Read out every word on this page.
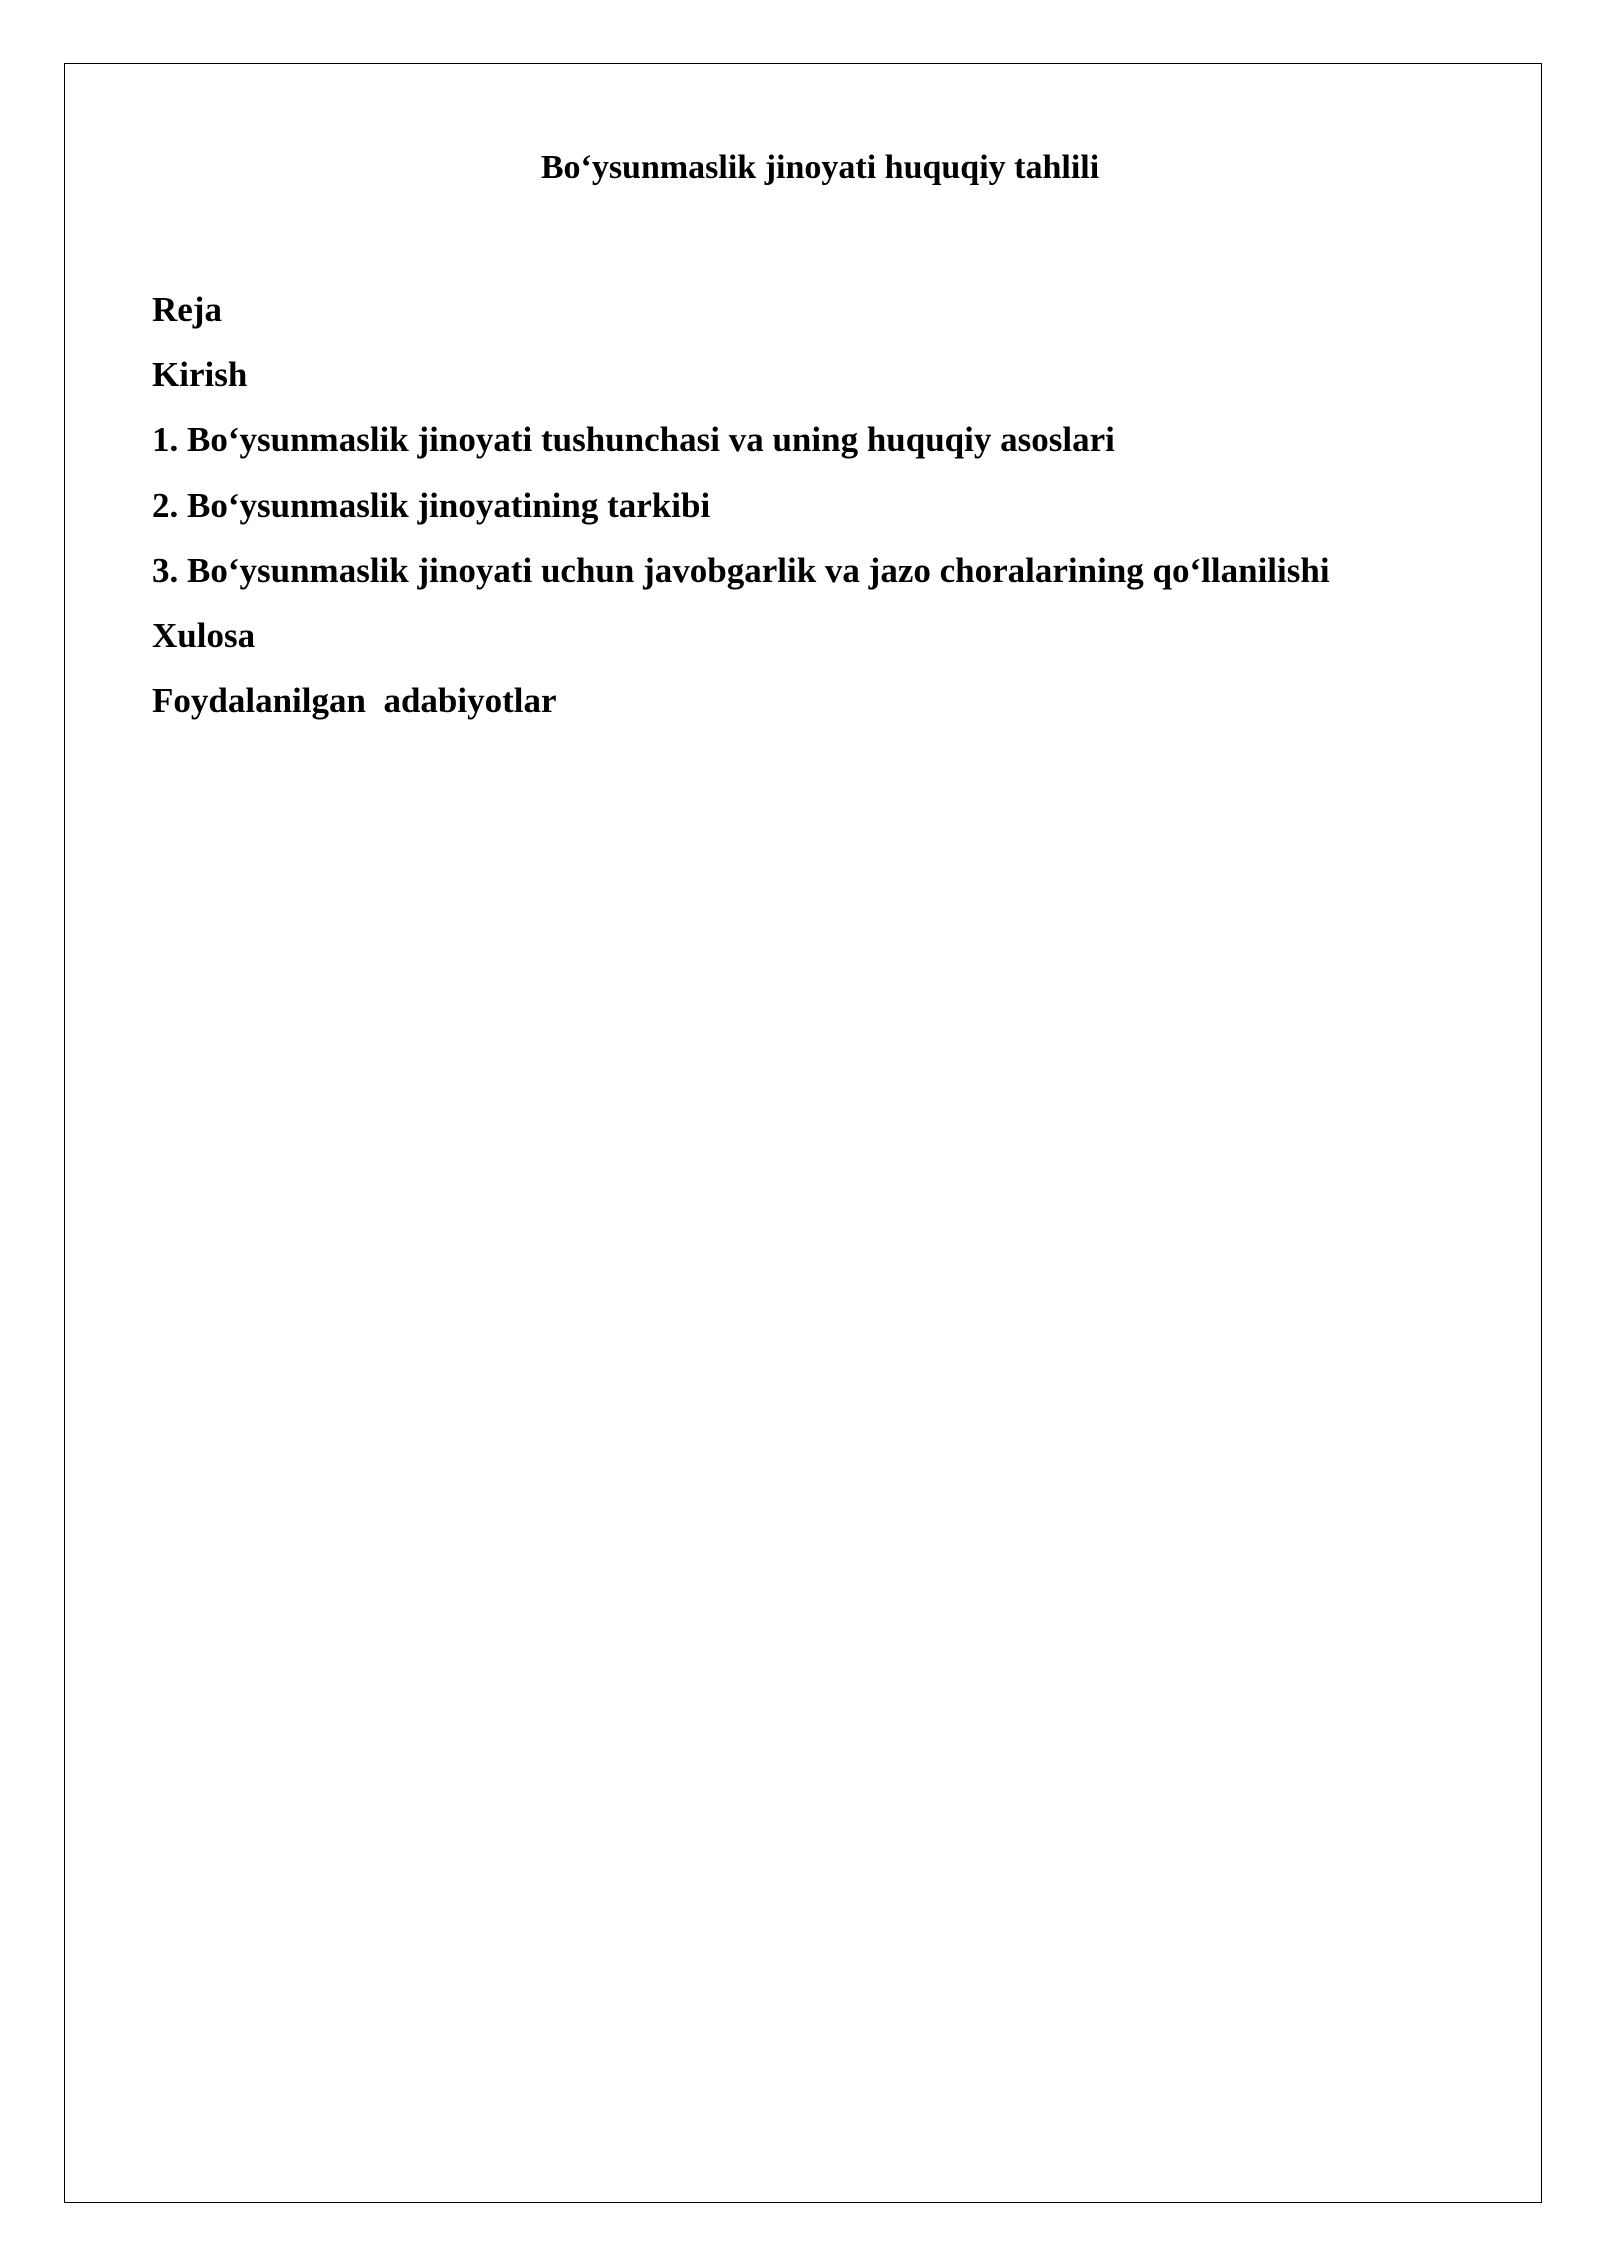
Bo‘ysunmaslik jinoyati huquqiy tahlili
Reja
Kirish
1. Bo‘ysunmaslik jinoyati tushunchasi va uning huquqiy asoslari
2. Bo‘ysunmaslik jinoyatining tarkibi
3. Bo‘ysunmaslik jinoyati uchun javobgarlik va jazo choralarining qo‘llanilishi
Xulosa
Foydalanilgan  adabiyotlar
